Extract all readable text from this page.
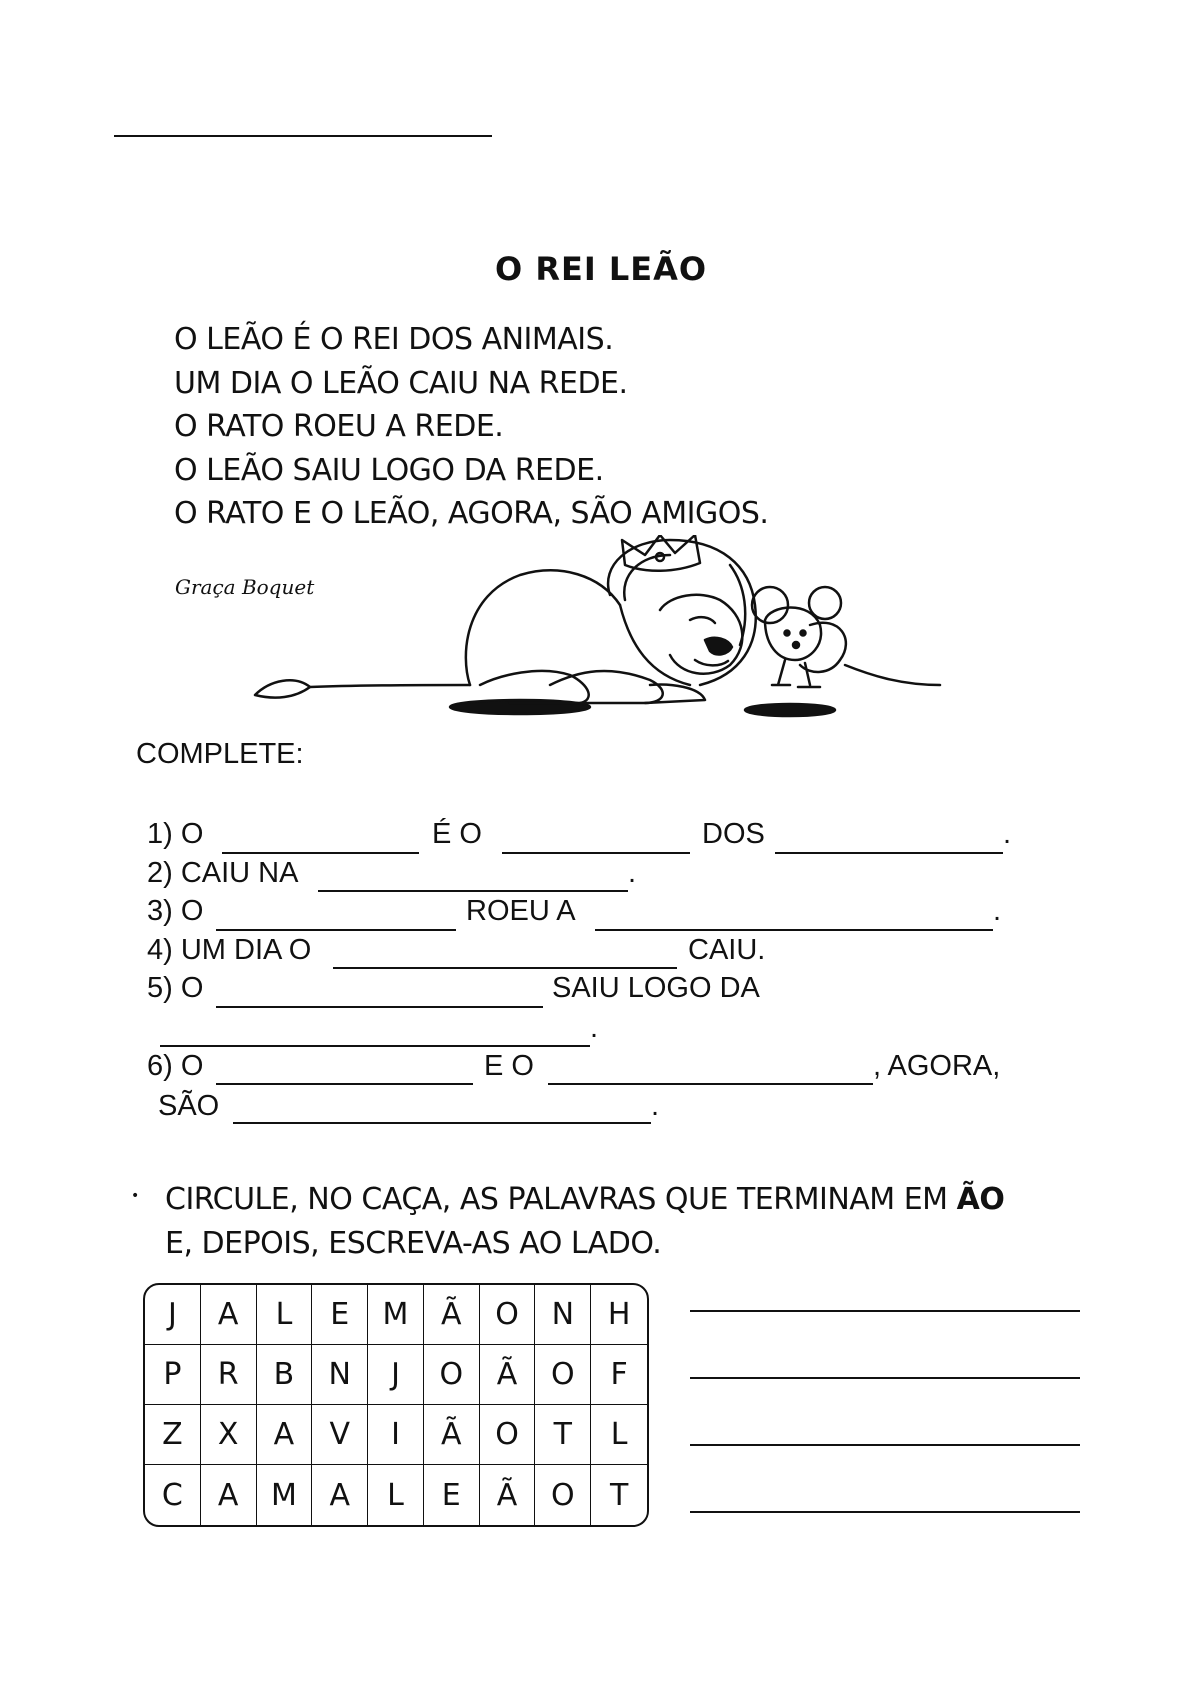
O REI LEÃO
O LEÃO É O REI DOS ANIMAIS.
UM DIA O LEÃO CAIU NA REDE.
O RATO ROEU A REDE.
O LEÃO SAIU LOGO DA REDE.
O RATO E O LEÃO, AGORA, SÃO AMIGOS.
Graça Boquet
COMPLETE:
1) O	É O	DOS	.
2) CAIU NA	.
3) O	ROEU A	.
4) UM DIA O	CAIU.
5) O	SAIU LOGO DA
.
6) O	E O	, AGORA,
SÃO	.
• CIRCULE, NO CAÇA, AS PALAVRAS QUE TERMINAM EM ÃO
E, DEPOIS, ESCREVA-AS AO LADO.
J	A	L	E	M	Ã	O	N	H
P	R	B	N	J	O	Ã	O	F
Z	X	A	V	I	Ã	O	T	L
C	A	M	A	L	E	Ã	O	T
